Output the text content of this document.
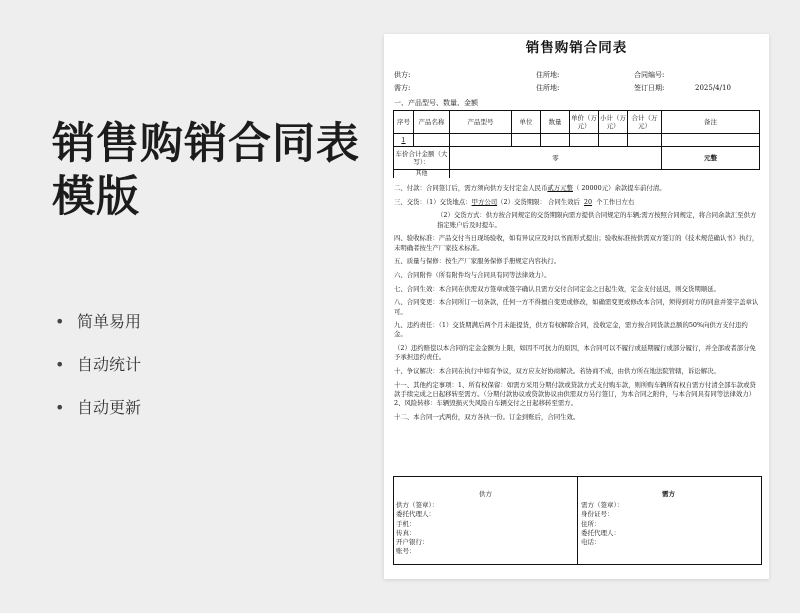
销售购销合同表
模版
• 简单易用
• 自动统计
• 自动更新
销售购销合同表
供方:	住所地:	合同编号:
需方:	住所地:	签订日期:	2025/4/10
一、产品型号、数量、金额
序号	产品名称	产品型号	单位	数量	单价（万元）	小计（万元）	合计（万元）	备注
1								
车价合计金额（大写）：		零						元整
其他								

二、付款：合同签订后，需方须向供方支付定金人民币贰万元整（ 20000元）余款提车前付清。

三、交货：（1）交货地点：甲方公司（2）交货期限： 合同生效后 20 个工作日左右

（2）交货方式：供方按合同规定的交货期限向需方提供合同规定的车辆;需方按照合同规定，将合同余款汇至供方指定账户后及时提车。

四、验收标准：产品交付当日现场验收，如有异议应及时以书面形式提出；验收标准按供需双方签订的《技术规范确认书》执行，未明确者按生产厂家技术标准。

五、质量与保修：按生产厂家服务保修手册规定内容执行。

六、合同附件（所有附件均与合同具有同等法律效力）。

七、合同生效：本合同在供需双方签章或签字确认且需方交付合同定金之日起生效，定金支付延迟，则交货期顺延。

八、合同变更：本合同所订一切条款，任何一方不得擅自变更或修改，如确需变更或修改本合同，须得到对方的同意并签字盖章认可。

九、违约责任：（1）交货期满后两个月未能提货，供方有权解除合同，没收定金，需方按合同货款总额的50%向供方支付违约金。

（2）违约赔偿以本合同的定金金额为上限，如因不可抗力的原因，本合同可以不履行或延期履行或部分履行，并全部或者部分免予承担违约责任。

十、争议解决：本合同在执行中如有争议，双方应友好协商解决。若协商不成，由供方所在地法院管辖，诉讼解决。

十一、其他约定事项：1、所有权保留：如需方采用分期付款或贷款方式支付购车款，则所购车辆所有权自需方付清全部车款或贷款手续完成之日起移转至需方。（分期付款协议或贷款协议由供需双方另行签订，为本合同之附件，与本合同具有同等法律效力）2、风险转移：车辆毁损灭失风险自车辆交付之日起移转至需方。

十二、本合同一式两份，双方各执一份。订金到账后，合同生效。

供方
供方（签章）：
委托代理人：
手机：
传真：
开户银行：
账号：
需方
需方（签章）：
身份证号：
住所：
委托代理人：
电话：
